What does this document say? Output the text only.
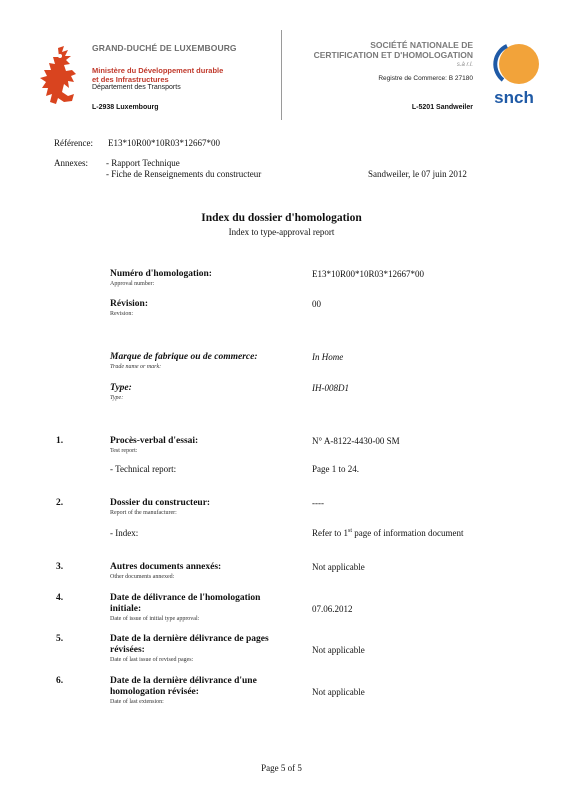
GRAND-DUCHÉ DE LUXEMBOURG
Ministère du Développement durable
et des Infrastructures
Département des Transports
L-2938 Luxembourg
SOCIÉTÉ NATIONALE DE
CERTIFICATION ET D'HOMOLOGATION
s.à r.l.
Registre de Commerce: B 27180
L-5201 Sandweiler
snch
Référence: E13*10R00*10R03*12667*00
Annexes: - Rapport Technique
- Fiche de Renseignements du constructeur	Sandweiler, le 07 juin 2012
Index du dossier d'homologation
Index to type-approval report
Numéro d'homologation:
Approval number:
E13*10R00*10R03*12667*00
Révision:
Revision:
00
Marque de fabrique ou de commerce:
Trade name or mark:
In Home
Type:
Type:
IH-008D1
1.	Procès-verbal d'essai:
Test report:
N° A-8122-4430-00 SM
- Technical report:	Page 1 to 24.
2.	Dossier du constructeur:
Report of the manufacturer:
----
- Index:	Refer to 1st page of information document
3.	Autres documents annexés:
Other documents annexed:
Not applicable
4.	Date de délivrance de l'homologation
initiale:
Date of issue of initial type approval:
07.06.2012
5.	Date de la dernière délivrance de pages
révisées:
Date of last issue of revised pages:
Not applicable
6.	Date de la dernière délivrance d'une
homologation révisée:
Date of last extension:
Not applicable
Page 5 of 5
